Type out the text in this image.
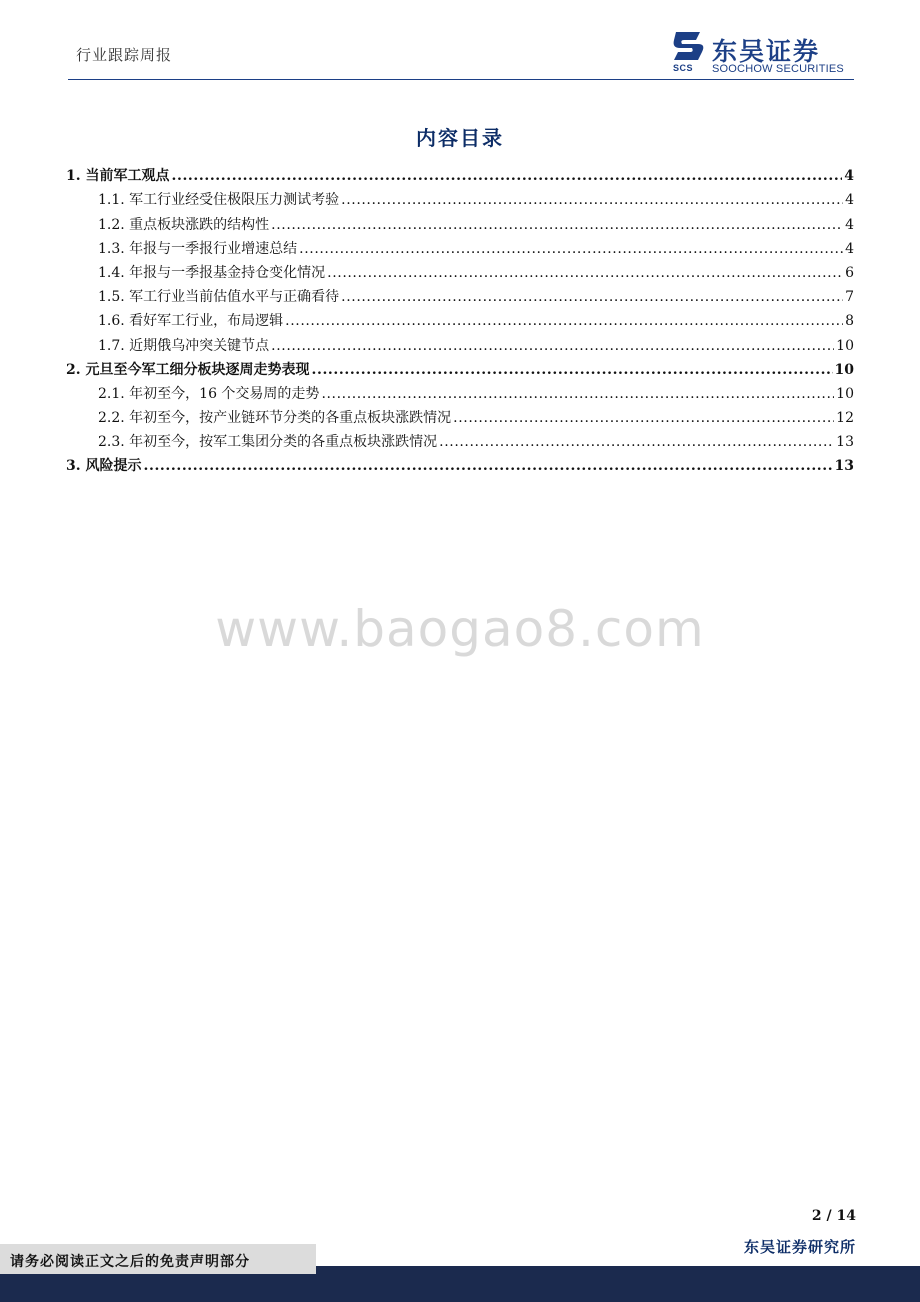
行业跟踪周报
SCS
东吴证券
SOOCHOW SECURITIES
内容目录
1. 当前军工观点 .....	4
1.1. 军工行业经受住极限压力测试考验 .....	4
1.2. 重点板块涨跌的结构性 .....	4
1.3. 年报与一季报行业增速总结 .....	4
1.4. 年报与一季报基金持仓变化情况 .....	6
1.5. 军工行业当前估值水平与正确看待 .....	7
1.6. 看好军工行业，布局逻辑 .....	8
1.7. 近期俄乌冲突关键节点 .....	10
2. 元旦至今军工细分板块逐周走势表现 .....	10
2.1. 年初至今，16 个交易周的走势 .....	10
2.2. 年初至今，按产业链环节分类的各重点板块涨跌情况 .....	12
2.3. 年初至今，按军工集团分类的各重点板块涨跌情况 .....	13
3. 风险提示 .....	13
www.baogao8.com
2 / 14
东吴证券研究所
请务必阅读正文之后的免责声明部分
